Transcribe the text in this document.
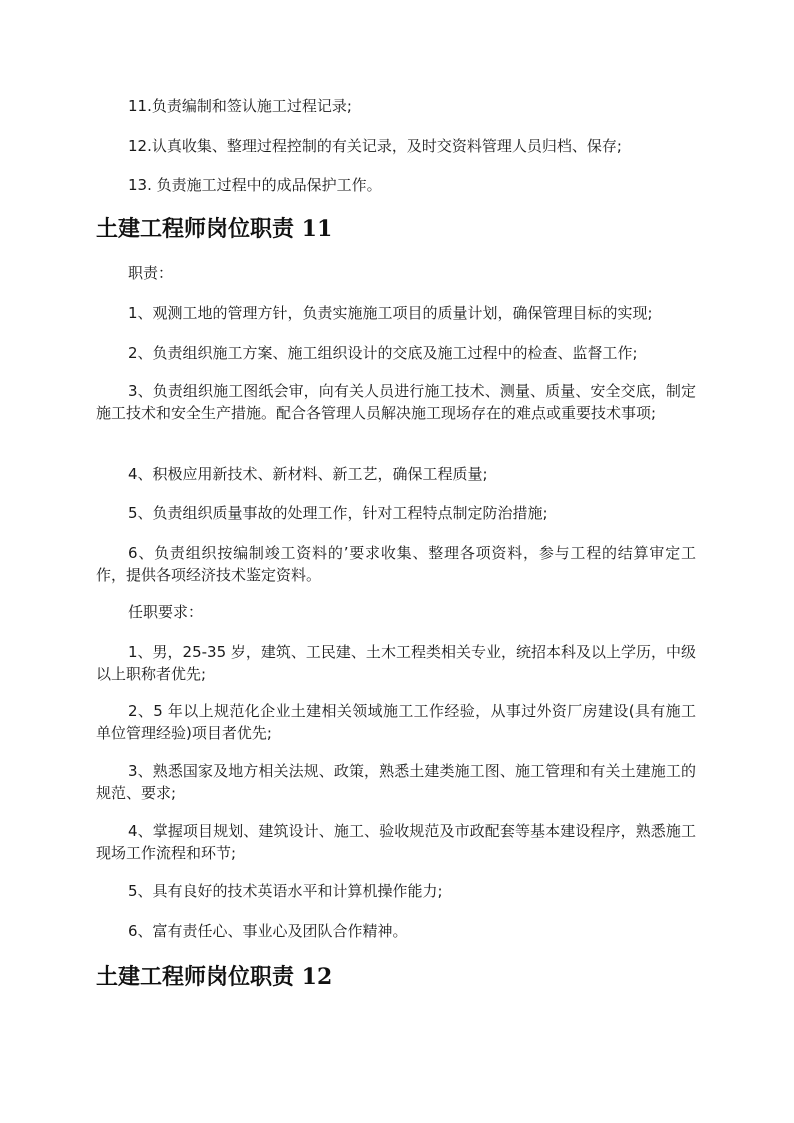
11.负责编制和签认施工过程记录;

12.认真收集、整理过程控制的有关记录，及时交资料管理人员归档、保存;

13. 负责施工过程中的成品保护工作。

土建工程师岗位职责 11

职责：

1、观测工地的管理方针，负责实施施工项目的质量计划，确保管理目标的实现;

2、负责组织施工方案、施工组织设计的交底及施工过程中的检查、监督工作;

3、负责组织施工图纸会审，向有关人员进行施工技术、测量、质量、安全交底，制定施工技术和安全生产措施。配合各管理人员解决施工现场存在的难点或重要技术事项;

4、积极应用新技术、新材料、新工艺，确保工程质量;

5、负责组织质量事故的处理工作，针对工程特点制定防治措施;

6、负责组织按编制竣工资料的’要求收集、整理各项资料，参与工程的结算审定工作，提供各项经济技术鉴定资料。

任职要求：

1、男，25-35 岁，建筑、工民建、土木工程类相关专业，统招本科及以上学历，中级以上职称者优先;

2、5 年以上规范化企业土建相关领域施工工作经验，从事过外资厂房建设(具有施工单位管理经验)项目者优先;

3、熟悉国家及地方相关法规、政策，熟悉土建类施工图、施工管理和有关土建施工的规范、要求;

4、掌握项目规划、建筑设计、施工、验收规范及市政配套等基本建设程序，熟悉施工现场工作流程和环节;

5、具有良好的技术英语水平和计算机操作能力;

6、富有责任心、事业心及团队合作精神。

土建工程师岗位职责 12
